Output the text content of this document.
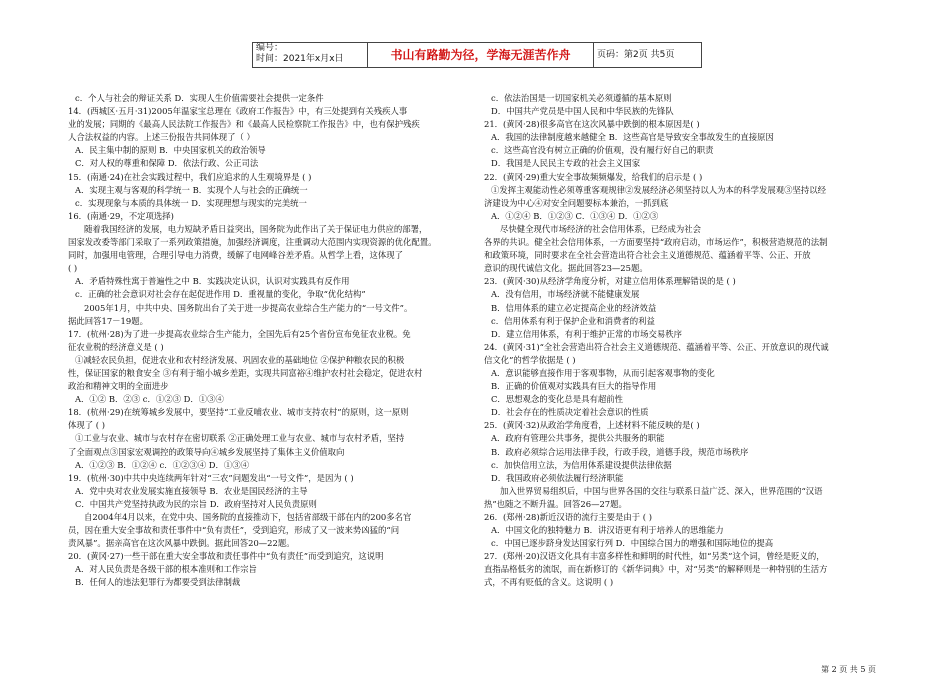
编号：
时间：2021年x月x日	书山有路勤为径，学海无涯苦作舟	页码：第2页 共5页
c．个人与社会的辩证关系 D．实现人生价值需要社会提供一定条件
14．(西城区·五月·31)2005年温家宝总理在《政府工作报告》中，有三处提到有关残疾人事
业的发展；同期的《最高人民法院工作报告》和《最高人民检察院工作报告》中，也有保护残疾
人合法权益的内容。上述三份报告共同体现了（ ）
A．民主集中制的原则 B．中央国家机关的政治领导
C．对人权的尊重和保障 D．依法行政、公正司法
15．(南通·24)在社会实践过程中，我们应追求的人生观境界是 ( )
A．实现主观与客观的科学统一 B．实现个人与社会的正确统一
c．实现现象与本质的具体统一 D．实现理想与现实的完美统一
16．(南通·29，不定项选择)
随着我国经济的发展，电力短缺矛盾日益突出，国务院为此作出了关于保证电力供应的部署，
国家发改委等部门采取了一系列政策措施，加强经济调度，注重调动大范围内实现资源的优化配置。
同时，加强用电管理，合理引导电力消费，缓解了电网峰谷差矛盾。从哲学上看，这体现了
( )
A．矛盾特殊性寓于普遍性之中 B．实践决定认识，认识对实践具有反作用
c．正确的社会意识对社会存在起促进作用 D．重视量的变化，争取“优化结构”
2005年1月，中共中央、国务院出台了关于进一步提高农业综合生产能力的“一号文件”。
据此回答17－19题。
17．(杭州·28)为了进一步提高农业综合生产能力，全国先后有25个省份宣布免征农业税。免
征农业税的经济意义是 ( )
①减轻农民负担，促进农业和农村经济发展、巩固农业的基础地位 ②保护种粮农民的积极
性，保证国家的粮食安全 ③有利于缩小城乡差距，实现共同富裕④维护农村社会稳定，促进农村
政治和精神文明的全面进步
A．①② B．②③ c．①②③ D．①③④
18．(杭州·29)在统筹城乡发展中，要坚持“工业反哺农业、城市支持农村”的原则，这一原则
体现了 ( )
①工业与农业、城市与农村存在密切联系 ②正确处理工业与农业、城市与农村矛盾，坚持
了全面观点③国家宏观调控的政策导向④城乡发展坚持了集体主义价值取向
A．①②③ B．①②④ c．①②③④ D．①③④
19．(杭州·30)中共中央连续两年针对“三农”问题发出“一号文件”，是因为 ( )
A．党中央对农业发展实施直接领导 B．农业是国民经济的主导
C．中国共产党坚持执政为民的宗旨 D．政府坚持对人民负责原则
自2004年4月以来，在党中央、国务院的直接推动下，包括省部级干部在内的200多名官
员，因在重大安全事故和责任事件中“负有责任”，受到追究，形成了又一波来势凶猛的“问
责风暴”。据亲高官在这次风暴中跌倒。据此回答20—22题。
20．(黄冈·27)一些干部在重大安全事故和责任事件中“负有责任”而受到追究，这说明
A．对人民负责是各级干部的根本准则和工作宗旨
B．任何人的违法犯罪行为都要受到法律制裁
c．依法治国是一切国家机关必须遵循的基本原则
D．中国共产党员是中国人民和中华民族的先锋队
21．(黄冈·28)很多高官在这次风暴中跌倒的根本原因是( )
A．我国的法律制度越来越健全 B．这些高官是导致安全事故发生的直接原因
c．这些高官没有树立正确的价值观，没有履行好自己的职责
D．我国是人民民主专政的社会主义国家
22．(黄冈·29)重大安全事故频频爆发，给我们的启示是 ( )
①发挥主观能动性必须尊重客观规律②发展经济必须坚持以人为本的科学发展观③坚持以经
济建设为中心④对安全问题要标本兼治，一抓到底
A．①②④ B．①②③ C．①③④ D．①②③
尽快健全现代市场经济的社会信用体系，已经成为社会
各界的共识。健全社会信用体系，一方面要坚持“政府启动，市场运作”，积极营造规范的法制
和政策环境，同时要求在全社会营造出符合社会主义道德规范、蕴涵着平等、公正、开放
意识的现代诚信文化。据此回答23—25题。
23．(黄冈·30)从经济学角度分析，对建立信用体系理解错误的是 ( )
A．没有信用，市场经济就不能健康发展
B．信用体系的建立必定提高企业的经济效益
c．信用体系有利于保护企业和消费者的利益
D．建立信用体系，有利于维护正常的市场交易秩序
24．(黄冈·31)“全社会营造出符合社会主义道德规范、蕴涵着平等、公正、开放意识的现代诚
信文化”的哲学依据是 ( )
A．意识能够直接作用于客观事物，从而引起客观事物的变化
B．正确的价值观对实践具有巨大的指导作用
C．思想观念的变化总是具有超前性
D．社会存在的性质决定着社会意识的性质
25．(黄冈·32)从政治学角度看，上述材料不能反映的是( )
A．政府有管理公共事务，提供公共服务的职能
B．政府必须综合运用法律手段，行政手段，道德手段，规范市场秩序
c．加快信用立法，为信用体系建设提供法律依据
D．我国政府必须依法履行经济职能
加入世界贸易组织后，中国与世界各国的交往与联系日益广泛、深入，世界范围的“汉语
热”也随之不断升温。回答26—27题。
26．(郑州·28)新近汉语的流行主要是由于 ( )
A．中国文化的独特魅力 B．讲汉语更有利于培养人的思维能力
c．中国已逐步跻身发达国家行列 D．中国综合国力的增强和国际地位的提高
27．(郑州·20)汉语文化具有丰富多样性和鲜明的时代性，如“另类”这个词，曾经是贬义的，
直指品格低劣的流氓，而在新修订的《新华词典》中，对“另类”的解释则是一种特别的生活方
式，不再有贬低的含义。这说明 ( )
第 2 页 共 5 页
